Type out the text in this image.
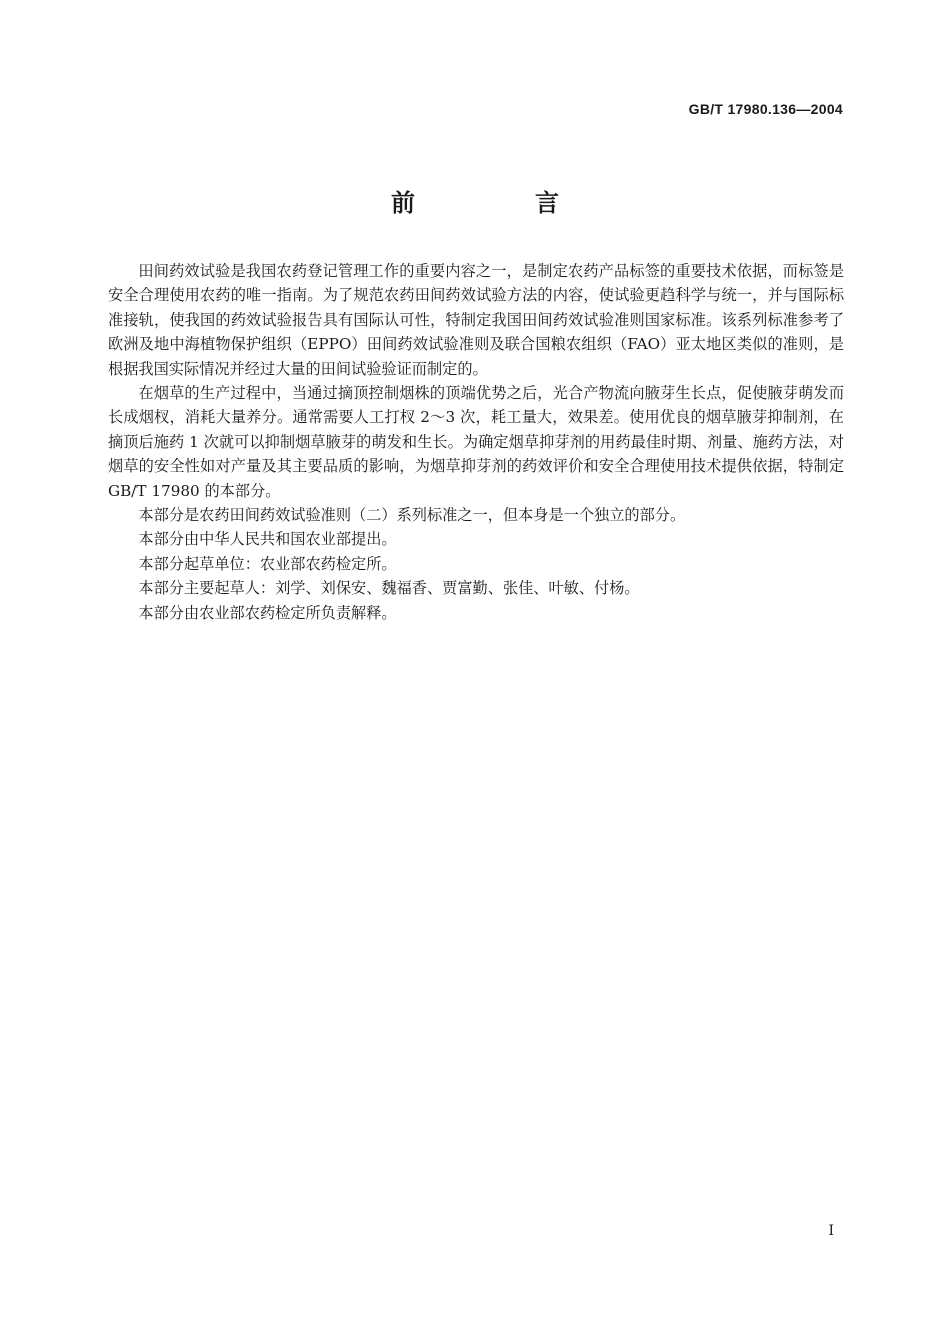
GB/T 17980.136—2004
前　言

田间药效试验是我国农药登记管理工作的重要内容之一，是制定农药产品标签的重要技术依据，而标签是安全合理使用农药的唯一指南。为了规范农药田间药效试验方法的内容，使试验更趋科学与统一，并与国际标准接轨，使我国的药效试验报告具有国际认可性，特制定我国田间药效试验准则国家标准。该系列标准参考了欧洲及地中海植物保护组织（EPPO）田间药效试验准则及联合国粮农组织（FAO）亚太地区类似的准则，是根据我国实际情况并经过大量的田间试验验证而制定的。

在烟草的生产过程中，当通过摘顶控制烟株的顶端优势之后，光合产物流向腋芽生长点，促使腋芽萌发而长成烟杈，消耗大量养分。通常需要人工打杈 2～3 次，耗工量大，效果差。使用优良的烟草腋芽抑制剂，在摘顶后施药 1 次就可以抑制烟草腋芽的萌发和生长。为确定烟草抑芽剂的用药最佳时期、剂量、施药方法，对烟草的安全性如对产量及其主要品质的影响，为烟草抑芽剂的药效评价和安全合理使用技术提供依据，特制定 GB/T 17980 的本部分。

本部分是农药田间药效试验准则（二）系列标准之一，但本身是一个独立的部分。

本部分由中华人民共和国农业部提出。

本部分起草单位：农业部农药检定所。

本部分主要起草人：刘学、刘保安、魏福香、贾富勤、张佳、叶敏、付杨。

本部分由农业部农药检定所负责解释。

I
